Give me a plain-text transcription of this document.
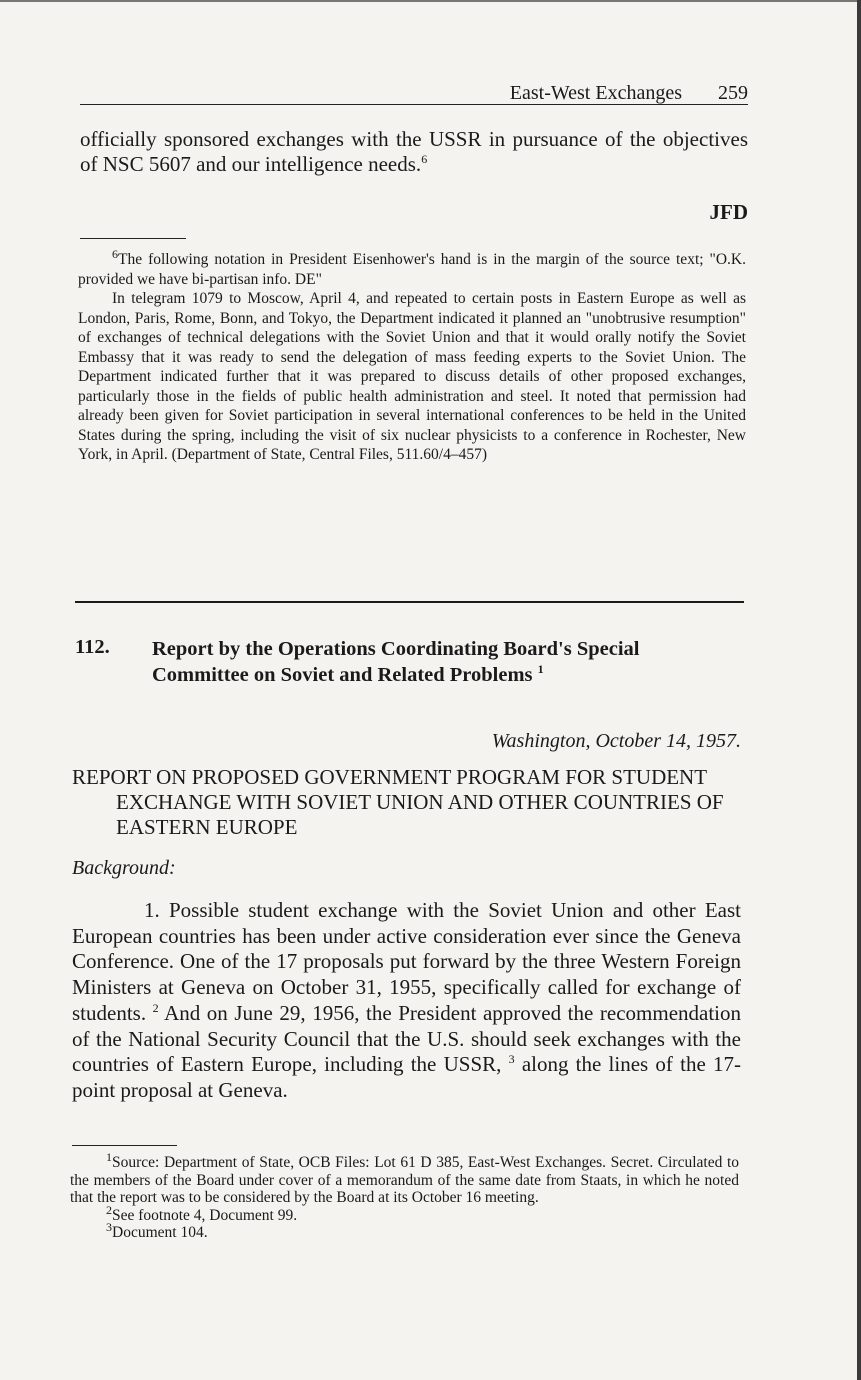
East-West Exchanges 259
officially sponsored exchanges with the USSR in pursuance of the objectives of NSC 5607 and our intelligence needs.$^6$
JFD

$^6$The following notation in President Eisenhower's hand is in the margin of the source text; "O.K. provided we have bi-partisan info. DE"

In telegram 1079 to Moscow, April 4, and repeated to certain posts in Eastern Europe as well as London, Paris, Rome, Bonn, and Tokyo, the Department indicated it planned an "unobtrusive resumption" of exchanges of technical delegations with the Soviet Union and that it would orally notify the Soviet Embassy that it was ready to send the delegation of mass feeding experts to the Soviet Union. The Department indicated further that it was prepared to discuss details of other proposed exchanges, particularly those in the fields of public health administration and steel. It noted that permission had already been given for Soviet participation in several international conferences to be held in the United States during the spring, including the visit of six nuclear physicists to a conference in Rochester, New York, in April. (Department of State, Central Files, 511.60/4–457)

112. Report by the Operations Coordinating Board's Special Committee on Soviet and Related Problems $^1$
Washington, October 14, 1957.
REPORT ON PROPOSED GOVERNMENT PROGRAM FOR STUDENT EXCHANGE WITH SOVIET UNION AND OTHER COUNTRIES OF EASTERN EUROPE
Background:
1. Possible student exchange with the Soviet Union and other East European countries has been under active consideration ever since the Geneva Conference. One of the 17 proposals put forward by the three Western Foreign Ministers at Geneva on October 31, 1955, specifically called for exchange of students. $^2$ And on June 29, 1956, the President approved the recommendation of the National Security Council that the U.S. should seek exchanges with the countries of Eastern Europe, including the USSR, $^3$ along the lines of the 17-point proposal at Geneva.

$^1$Source: Department of State, OCB Files: Lot 61 D 385, East-West Exchanges. Secret. Circulated to the members of the Board under cover of a memorandum of the same date from Staats, in which he noted that the report was to be considered by the Board at its October 16 meeting.

$^2$See footnote 4, Document 99.

$^3$Document 104.
